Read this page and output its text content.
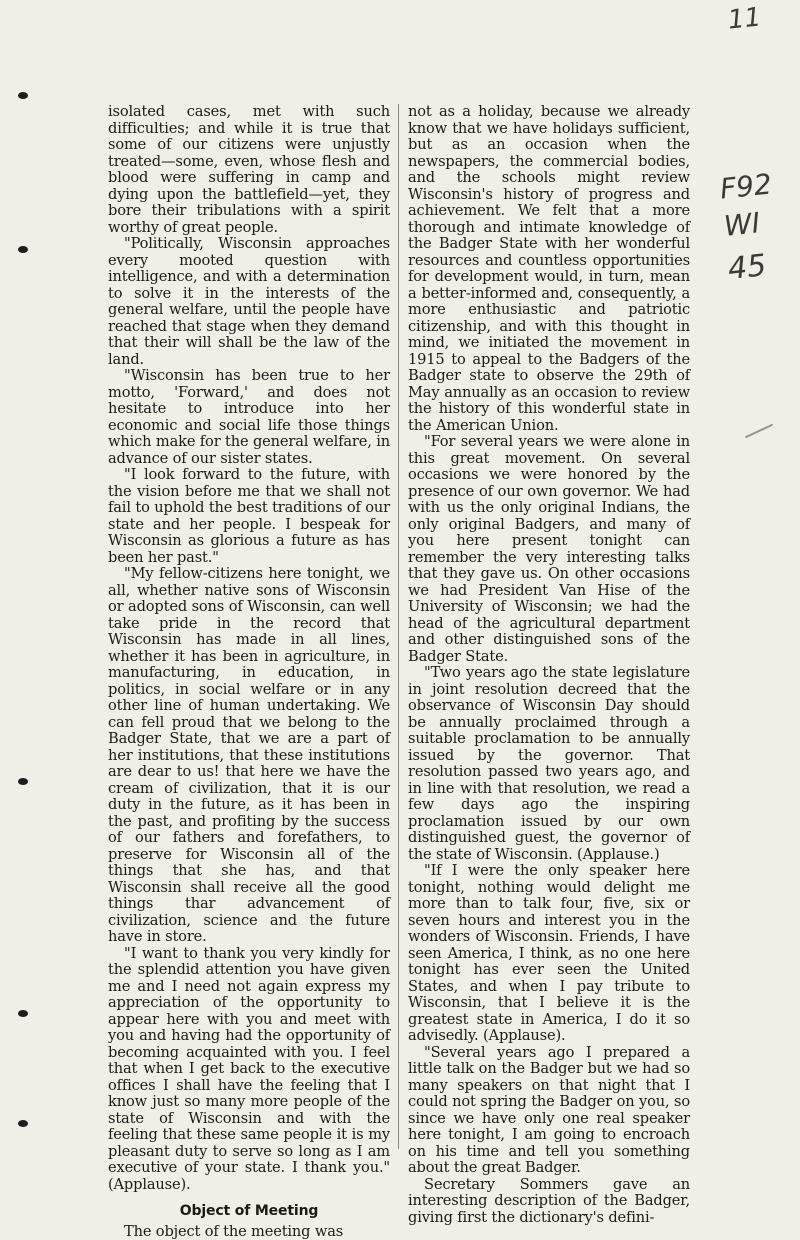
11
F92
WI
45

isolated cases, met with such difficulties; and while it is true that some of our citizens were unjustly treated—some, even, whose flesh and blood were suffering in camp and dying upon the battlefield—yet, they bore their tribulations with a spirit worthy of great people.

"Politically, Wisconsin approaches every mooted question with intelligence, and with a determination to solve it in the interests of the general welfare, until the people have reached that stage when they demand that their will shall be the law of the land.

"Wisconsin has been true to her motto, 'Forward,' and does not hesitate to introduce into her economic and social life those things which make for the general welfare, in advance of our sister states.

"I look forward to the future, with the vision before me that we shall not fail to uphold the best traditions of our state and her people. I bespeak for Wisconsin as glorious a future as has been her past."

"My fellow-citizens here tonight, we all, whether native sons of Wisconsin or adopted sons of Wisconsin, can well take pride in the record that Wisconsin has made in all lines, whether it has been in agriculture, in manufacturing, in education, in politics, in social welfare or in any other line of human undertaking. We can fell proud that we belong to the Badger State, that we are a part of her institutions, that these institutions are dear to us! that here we have the cream of civilization, that it is our duty in the future, as it has been in the past, and profiting by the success of our fathers and forefathers, to preserve for Wisconsin all of the things that she has, and that Wisconsin shall receive all the good things thar advancement of civilization, science and the future have in store.

"I want to thank you very kindly for the splendid attention you have given me and I need not again express my appreciation of the opportunity to appear here with you and meet with you and having had the opportunity of becoming acquainted with you. I feel that when I get back to the executive offices I shall have the feeling that I know just so many more people of the state of Wisconsin and with the feeling that these same people it is my pleasant duty to serve so long as I am executive of your state. I thank you." (Applause).

Object of Meeting

The object of the meeting was

not as a holiday, because we already know that we have holidays sufficient, but as an occasion when the newspapers, the commercial bodies, and the schools might review Wisconsin's history of progress and achievement. We felt that a more thorough and intimate knowledge of the Badger State with her wonderful resources and countless opportunities for development would, in turn, mean a better-informed and, consequently, a more enthusiastic and patriotic citizenship, and with this thought in mind, we initiated the movement in 1915 to appeal to the Badgers of the Badger state to observe the 29th of May annually as an occasion to review the history of this wonderful state in the American Union.

"For several years we were alone in this great movement. On several occasions we were honored by the presence of our own governor. We had with us the only original Indians, the only original Badgers, and many of you here present tonight can remember the very interesting talks that they gave us. On other occasions we had President Van Hise of the University of Wisconsin; we had the head of the agricultural department and other distinguished sons of the Badger State.

"Two years ago the state legislature in joint resolution decreed that the observance of Wisconsin Day should be annually proclaimed through a suitable proclamation to be annually issued by the governor. That resolution passed two years ago, and in line with that resolution, we read a few days ago the inspiring proclamation issued by our own distinguished guest, the governor of the state of Wisconsin. (Applause.)

"If I were the only speaker here tonight, nothing would delight me more than to talk four, five, six or seven hours and interest you in the wonders of Wisconsin. Friends, I have seen America, I think, as no one here tonight has ever seen the United States, and when I pay tribute to Wisconsin, that I believe it is the greatest state in America, I do it so advisedly. (Applause).

"Several years ago I prepared a little talk on the Badger but we had so many speakers on that night that I could not spring the Badger on you, so since we have only one real speaker here tonight, I am going to encroach on his time and tell you something about the great Badger.

Secretary Sommers gave an interesting description of the Badger, giving first the dictionary's defini-
